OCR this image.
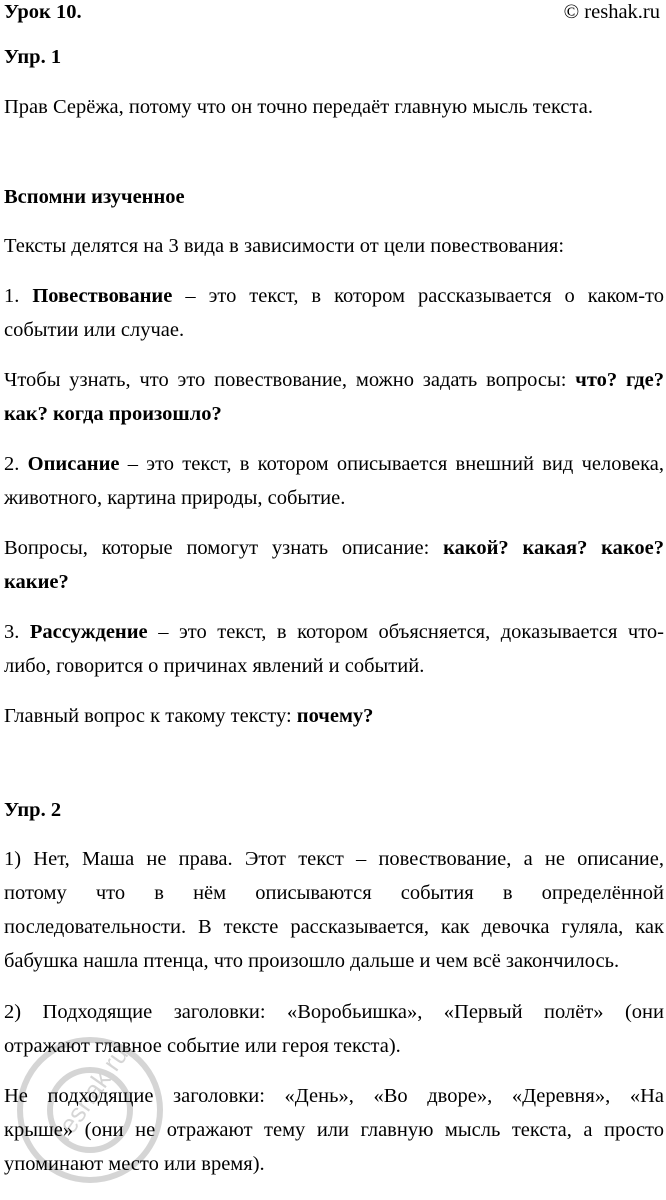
Урок 10.	© reshak.ru
Упр. 1
Прав Серёжа, потому что он точно передаёт главную мысль текста.
Вспомни изученное
Тексты делятся на 3 вида в зависимости от цели повествования:
1. Повествование – это текст, в котором рассказывается о каком-то
событии или случае.
Чтобы узнать, что это повествование, можно задать вопросы: что? где?
как? когда произошло?
2. Описание – это текст, в котором описывается внешний вид человека,
животного, картина природы, событие.
Вопросы, которые помогут узнать описание: какой? какая? какое?
какие?
3. Рассуждение – это текст, в котором объясняется, доказывается что-
либо, говорится о причинах явлений и событий.
Главный вопрос к такому тексту: почему?
Упр. 2
1) Нет, Маша не права. Этот текст – повествование, а не описание,
потому что в нём описываются события в определённой
последовательности. В тексте рассказывается, как девочка гуляла, как
бабушка нашла птенца, что произошло дальше и чем всё закончилось.
2) Подходящие заголовки: «Воробьишка», «Первый полёт» (они
отражают главное событие или героя текста).
Не подходящие заголовки: «День», «Во дворе», «Деревня», «На
крыше» (они не отражают тему или главную мысль текста, а просто
упоминают место или время).
reshak.ru
